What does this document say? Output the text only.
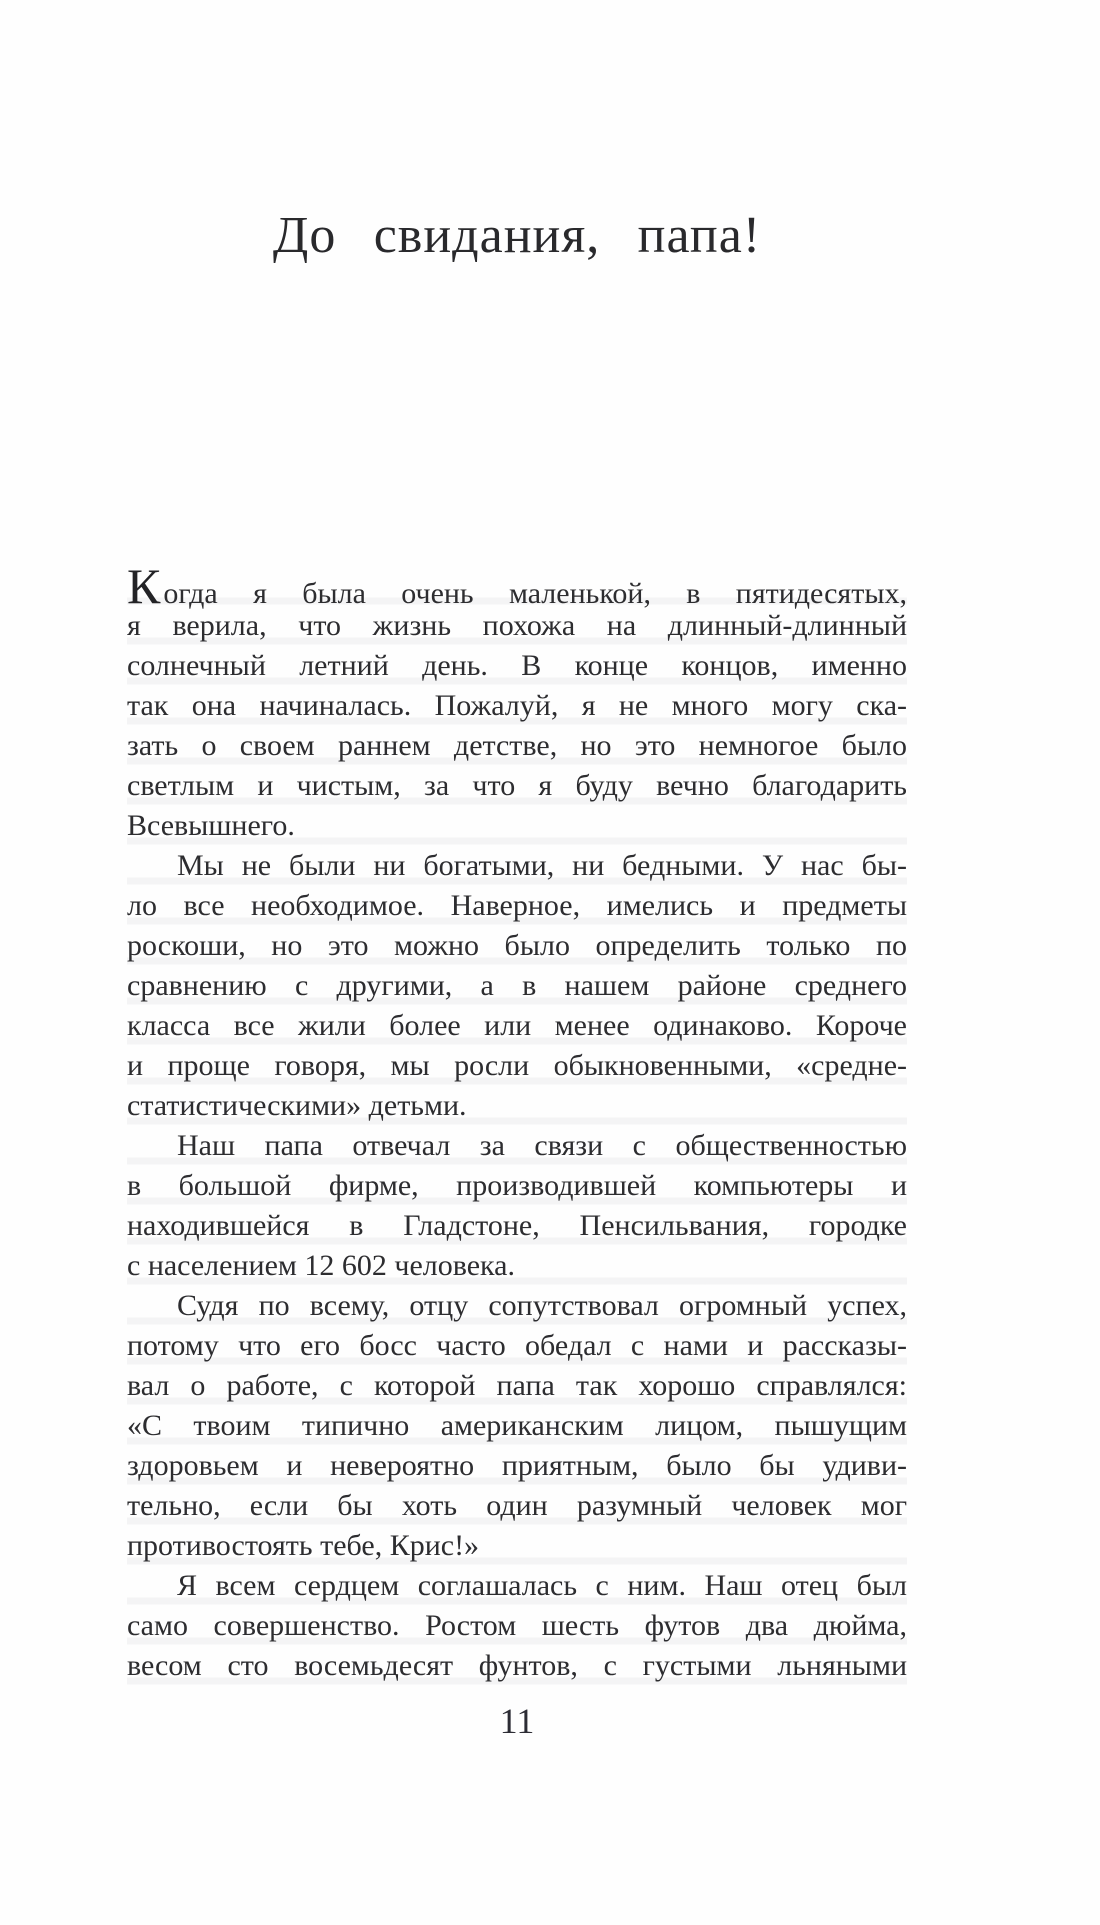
До свидания, папа!
К огда я была очень маленькой, в пятидесятых,
я верила, что жизнь похожа на длинный-длинный
солнечный летний день. В конце концов, именно
так она начиналась. Пожалуй, я не много могу ска-
зать о своем раннем детстве, но это немногое было
светлым и чистым, за что я буду вечно благодарить
Всевышнего.
Мы не были ни богатыми, ни бедными. У нас бы-
ло все необходимое. Наверное, имелись и предметы
роскоши, но это можно было определить только по
сравнению с другими, а в нашем районе среднего
класса все жили более или менее одинаково. Короче
и проще говоря, мы росли обыкновенными, «средне-
статистическими» детьми.
Наш папа отвечал за связи с общественностью
в большой фирме, производившей компьютеры и
находившейся в Гладстоне, Пенсильвания, городке
с населением 12 602 человека.
Судя по всему, отцу сопутствовал огромный успех,
потому что его босс часто обедал с нами и рассказы-
вал о работе, с которой папа так хорошо справлялся:
«С твоим типично американским лицом, пышущим
здоровьем и невероятно приятным, было бы удиви-
тельно, если бы хоть один разумный человек мог
противостоять тебе, Крис!»
Я всем сердцем соглашалась с ним. Наш отец был
само совершенство. Ростом шесть футов два дюйма,
весом сто восемьдесят фунтов, с густыми льняными
11
